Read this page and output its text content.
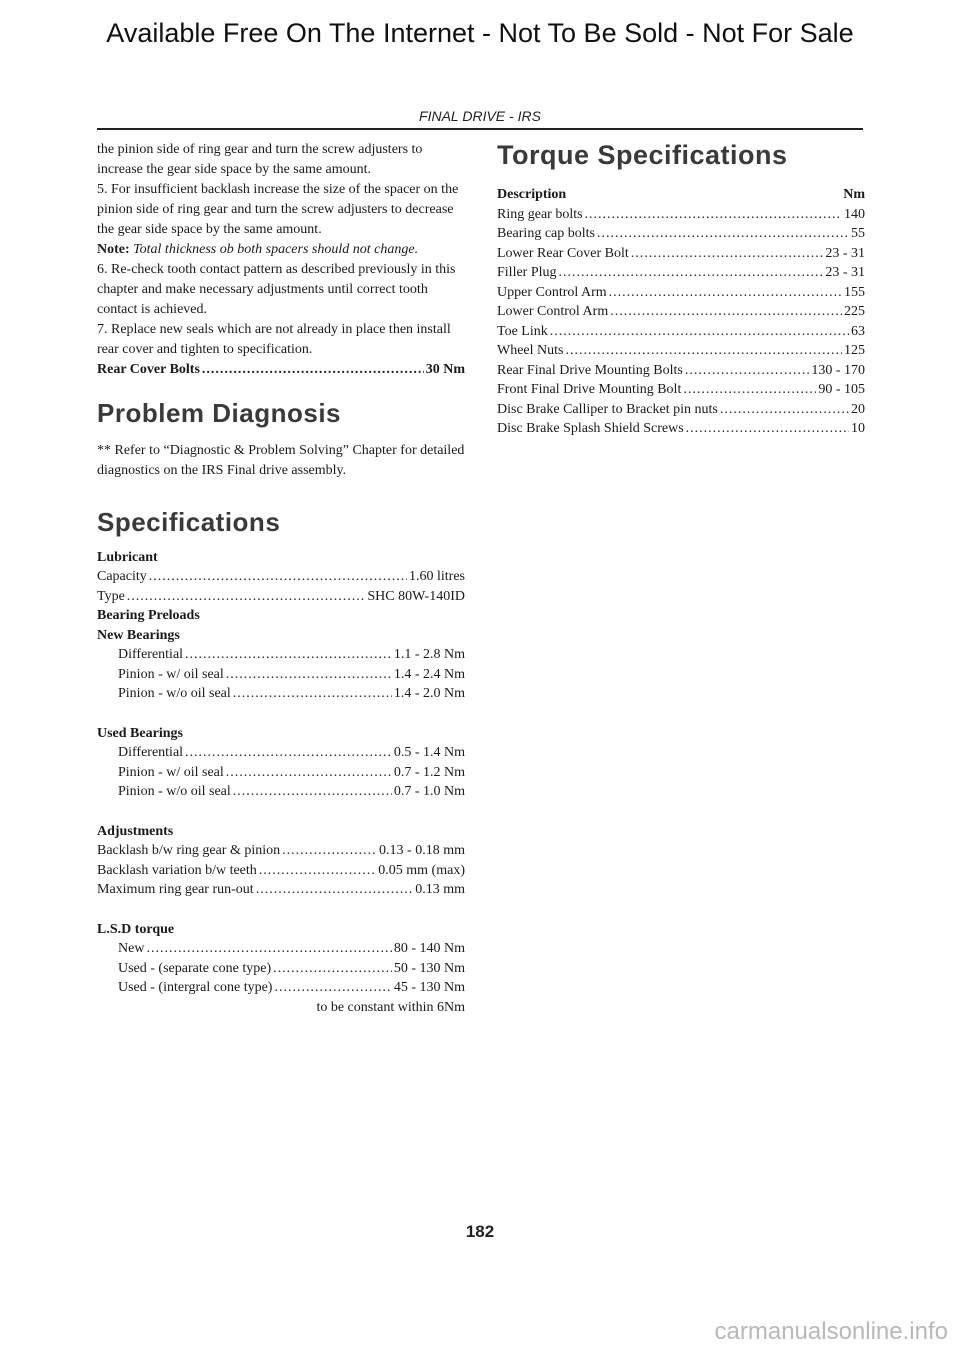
Available Free On The Internet - Not To Be Sold - Not For Sale
FINAL DRIVE - IRS

the pinion side of ring gear and turn the screw adjusters to increase the gear side space by the same amount.

5. For insufficient backlash increase the size of the spacer on the pinion side of ring gear and turn the screw adjusters to decrease the gear side space by the same amount.

Note: Total thickness ob both spacers should not change.

6. Re-check tooth contact pattern as described previously in this chapter and make necessary adjustments until correct tooth contact is achieved.

7. Replace new seals which are not already in place then install rear cover and tighten to specification.

Rear Cover Bolts .....	30 Nm
Problem Diagnosis

** Refer to “Diagnostic & Problem Solving” Chapter for detailed diagnostics on the IRS Final drive assembly.

Specifications
Lubricant
Capacity .....	1.60 litres
Type .....	SHC 80W-140ID
Bearing Preloads
New Bearings
Differential .....	1.1 - 2.8 Nm
Pinion - w/ oil seal .....	1.4 - 2.4 Nm
Pinion - w/o oil seal .....	1.4 - 2.0 Nm
Used Bearings
Differential .....	0.5 - 1.4 Nm
Pinion - w/ oil seal .....	0.7 - 1.2 Nm
Pinion - w/o oil seal .....	0.7 - 1.0 Nm
Adjustments
Backlash b/w ring gear & pinion .....	0.13 - 0.18 mm
Backlash variation b/w teeth .....	0.05 mm (max)
Maximum ring gear run-out .....	0.13 mm
L.S.D torque
New .....	80 - 140 Nm
Used - (separate cone type) .....	50 - 130 Nm
Used - (intergral cone type) .....	45 - 130 Nm
to be constant within 6Nm
Torque Specifications
Description	Nm
Ring gear bolts .....	140
Bearing cap bolts .....	55
Lower Rear Cover Bolt .....	23 - 31
Filler Plug .....	23 - 31
Upper Control Arm .....	155
Lower Control Arm .....	225
Toe Link .....	63
Wheel Nuts .....	125
Rear Final Drive Mounting Bolts .....	130 - 170
Front Final Drive Mounting Bolt .....	90 - 105
Disc Brake Calliper to Bracket pin nuts .....	20
Disc Brake Splash Shield Screws .....	10
182
carmanualsonline.info
